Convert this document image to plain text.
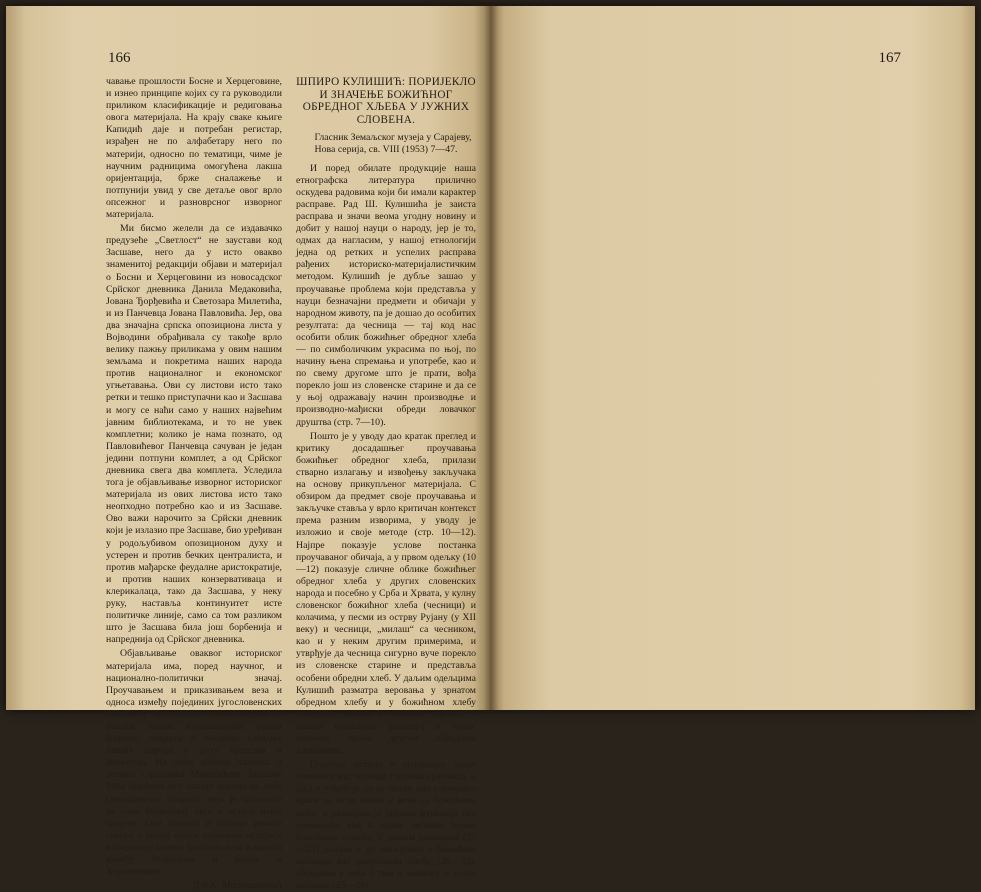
166

чавање прошлости Босне и Херцеговине, и изнео принципе којих су га руководили приликом класификације и редиговања овога материјала. На крају сваке књиге Капидић даје и потребан регистар, израђен не по алфабетару него по материји, односно по тематици, чиме је научним радницима омогућена лакша оријентација, брже сналажење и потпунији увид у све детаље овог врло опсежног и разноврсног изворног материјала.

Ми бисмо желели да се издавачко предузеће „Светлост“ не заустави код Засшаве, него да у исто овакво знаменитој редакцији објави и материјал о Босни и Херцеговини из новосадског Срйског дневника Данила Медаковића, Јована Ђорђевића и Светозара Милетића, и из Панчевца Јована Павловића. Јер, ова два значајна српска опозициона листа у Војводини обрађивала су такође врло велику пажњу приликама у овим нашим земљама и покретима наших народа против националног и економског угњетавања. Ови су листови исто тако ретки и тешко приступачни као и Засшава и могу се наћи само у наших највећим јавним библиотекама, и то не увек комплетни; колико је нама познато, од Павловићевог Панчевца сачуван је један једини потпуни комплет, а од Срйског дневника свега два комплета. Уследила тога је објављивање изворног историског материјала из ових листова исто тако неопходно потребно као и из Засшаве. Ово важи нарочито за Срйски дневник који је излазио пре Засшаве, био уређиван у родољубивом опозиционом духу и устерен и против бечких централиста, и против мађарске феудалне аристократије, и против наших конзервативаца и клерикалаца, тако да Засшава, у неку руку, наставља континуитет исте политичке линије, само са том разликом што је Засшава била још борбенија и напреднија од Срйског дневника.

Објављивање оваквог историског материјала има, поред научног, и национално-политички значај. Проучавањем и приказивањем веза и односа између појединих југословенских земаља у прошлости енциклопедију са нашим новим наравштајима радни ђодатне, покрети и носиоци сарадње наших народа у духу братства и јединства. Из оних збирки чланака и дописа сарадника Милетићеве Засшаве биће борбени дух наших народа из доба Омладинског покрета, који је заталасао не само Војводину него и остале наше крајеве. Ови дописи и чланци речито говоре о једној епоси најживље историје и сведоче о јачини братских веза и односа између Војводине и Босне и Херцеговине.

Д-р К. Милушиновић

ШПИРО КУЛИШИЋ: ПОРИЈЕКЛО И ЗНАЧЕЊЕ БОЖИЋНОГ ОБРЕДНОГ ХЉЕБА У ЈУЖНИХ СЛОВЕНА.

Гласник Земаљског музеја у Сарајеву, Нова серија, св. VIII (1953) 7—47.

И поред обилате продукције наша етнографска литература прилично оскудева радовима који би имали карактер расправе. Рад Ш. Кулишића је заиста расправа и значи веома угодну новину и добит у нашој науци о народу, јер је то, одмах да нагласим, у нашој етнологији једна од ретких и успелих расправа рађених историско-материјалистичким методом. Кулишић је дубље зашао у проучавање проблема који представља у науци безначајни предмети и обичаји у народном животу, па је дошао до особитих резултата: да чесница — тај код нас особити облик божићњег обредног хлеба — по симболичким украсима по њој, по начину њена спремања и употребе, као и по свему другоме што је прати, вођа порекло још из словенске старине и да се у њој одражавају начин производње и производно-мађиски обреди ловачког друштва (стр. 7—10).

Пошто је у уводу дао кратак преглед и критику досадашњег проучавања божићњег обредног хлеба, прилази стварно излагању и извођењу закључака на основу прикупљеног материјала. С обзиром да предмет своје проучавања и закључке ставља у врло критичан контекст према разним изворима, у уводу је изложио и своје методе (стр. 10—12). Најпре показује услове постанка проучаваног обичаја, а у првом одељку (10—12) показује сличне облике божићњег обредног хлеба у других словенских народа и посебно у Срба и Хрвата, у кулну словенског божићног хлеба (чесници) и колачима, у песми из острву Рујану (у XII веку) и чесници, „милаш“ са чесником, као и у неким другим примерима, и утврђује да чесница сигурно вуче порекло из словенске старине и представља особени обредни хлеб. У даљим одељцима Кулишић разматра веровања у зрнатом обредном хлебу и у божићном хлебу обредног значаја у божићно време. У даљим одељцима разматра и однос чеснице према другим обредним хлебовима.

Посебно истиче и анализира разне елементе код чеснице (лескова гранчица, и др.) и утврђује да се читав низ елемената врши на исти начин у вези са божићном ноћи, и развијена је једнака функција тих елемената, као и однос чеснице према божићном слављу. У даљим одељцима (15—23) долази и до закључака о божићној чесници као ритуалном хлебу (28—33), обредима у вези с тим и значењу и улози чеснице (23—28).

167
